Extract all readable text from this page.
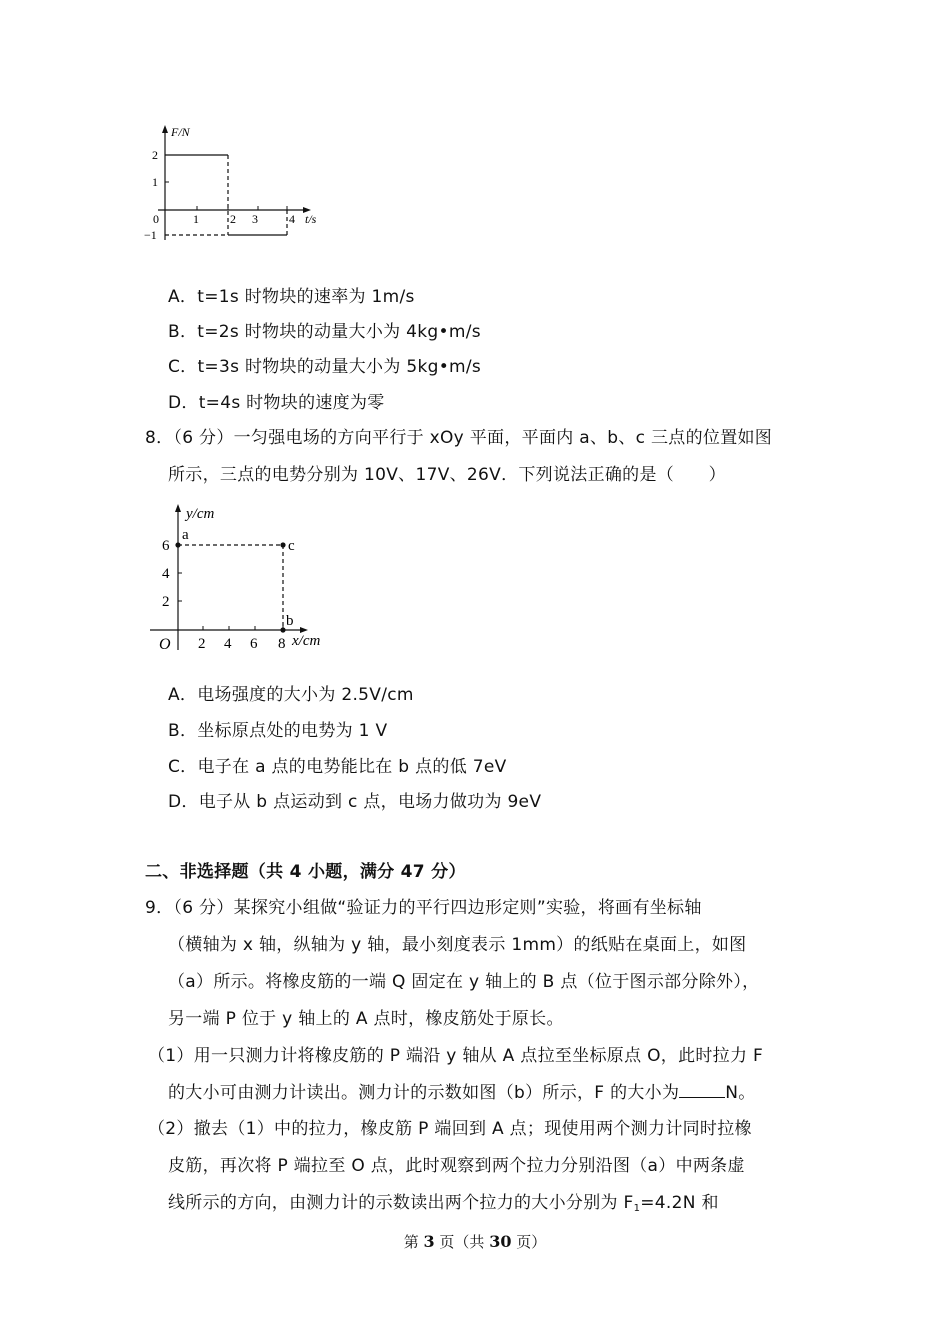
F/N
2
1
0
−1
1	2 3	4 t/s
A．t=1s 时物块的速率为 1m/s
B．t=2s 时物块的动量大小为 4kg•m/s
C．t=3s 时物块的动量大小为 5kg•m/s
D．t=4s 时物块的速度为零
8．（6 分）一匀强电场的方向平行于 xOy 平面，平面内 a、b、c 三点的位置如图
所示，三点的电势分别为 10V、17V、26V．下列说法正确的是（　　）
y/cm
a
c
b
6
4
2
O 2 4 6 8 x/cm
A．电场强度的大小为 2.5V/cm
B．坐标原点处的电势为 1 V
C．电子在 a 点的电势能比在 b 点的低 7eV
D．电子从 b 点运动到 c 点，电场力做功为 9eV
二、非选择题（共 4 小题，满分 47 分）
9．（6 分）某探究小组做“验证力的平行四边形定则”实验，将画有坐标轴
（横轴为 x 轴，纵轴为 y 轴，最小刻度表示 1mm）的纸贴在桌面上，如图
（a）所示。将橡皮筋的一端 Q 固定在 y 轴上的 B 点（位于图示部分除外），
另一端 P 位于 y 轴上的 A 点时，橡皮筋处于原长。
（1）用一只测力计将橡皮筋的 P 端沿 y 轴从 A 点拉至坐标原点 O，此时拉力 F
的大小可由测力计读出。测力计的示数如图（b）所示，F 的大小为	N。
（2）撤去（1）中的拉力，橡皮筋 P 端回到 A 点；现使用两个测力计同时拉橡
皮筋，再次将 P 端拉至 O 点，此时观察到两个拉力分别沿图（a）中两条虚
线所示的方向，由测力计的示数读出两个拉力的大小分别为 $F_1=4.2N$ 和
第 3 页（共 30 页）
